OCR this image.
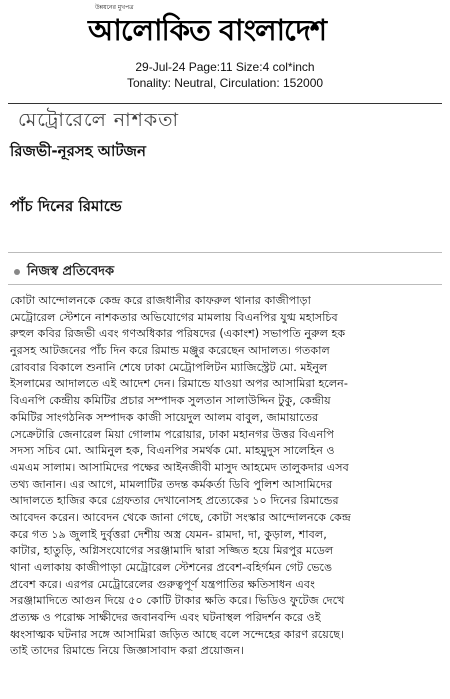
উন্নয়নের মুখপত্র
আলোকিত বাংলাদেশ
29-Jul-24 Page:11 Size:4 col*inch
Tonality: Neutral, Circulation: 152000
মেট্রোরেলে নাশকতা
রিজভী-নূরসহ আটজন
পাঁচ দিনের রিমান্ডে
নিজস্ব প্রতিবেদক
কোটা আন্দোলনকে কেন্দ্র করে রাজধানীর কাফরুল থানার কাজীপাড়া
মেট্রোরেল স্টেশনে নাশকতার অভিযোগের মামলায় বিএনপির যুগ্ম মহাসচিব
রুহুল কবির রিজভী এবং গণঅধিকার পরিষদের (একাংশ) সভাপতি নুরুল হক
নুরসহ আটজনের পাঁচ দিন করে রিমান্ড মঞ্জুর করেছেন আদালত। গতকাল
রোববার বিকালে শুনানি শেষে ঢাকা মেট্রোপলিটন ম্যাজিস্ট্রেট মো. মইনুল
ইসলামের আদালতে এই আদেশ দেন। রিমান্ডে যাওয়া অপর আসামিরা হলেন-
বিএনপি কেন্দ্রীয় কমিটির প্রচার সম্পাদক সুলতান সালাউদ্দিন টুকু, কেন্দ্রীয়
কমিটির সাংগঠনিক সম্পাদক কাজী সায়েদুল আলম বাবুল, জামায়াতের
সেক্রেটারি জেনারেল মিয়া গোলাম পরোয়ার, ঢাকা মহানগর উত্তর বিএনপি
সদস্য সচিব মো. আমিনুল হক, বিএনপির সমর্থক মো. মাহমুদুস সালেহিন ও
এমএম সালাম। আসামিদের পক্ষের আইনজীবী মাসুদ আহমেদ তালুকদার এসব
তথ্য জানান। এর আগে, মামলাটির তদন্ত কর্মকর্তা ডিবি পুলিশ আসামিদের
আদালতে হাজির করে গ্রেফতার দেখানোসহ প্রত্যেকের ১০ দিনের রিমান্ডের
আবেদন করেন। আবেদন থেকে জানা গেছে, কোটা সংস্কার আন্দোলনকে কেন্দ্র
করে গত ১৯ জুলাই দুর্বৃত্তরা দেশীয় অস্ত্র যেমন- রামদা, দা, কুড়াল, শাবল,
কাটার, হাতুড়ি, অগ্নিসংযোগের সরঞ্জামাদি দ্বারা সজ্জিত হয়ে মিরপুর মডেল
থানা এলাকায় কাজীপাড়া মেট্রোরেল স্টেশনের প্রবেশ-বহির্গমন গেট ভেঙে
প্রবেশ করে। এরপর মেট্রোরেলের গুরুত্বপূর্ণ যন্ত্রপাতির ক্ষতিসাধন এবং
সরঞ্জামাদিতে আগুন দিয়ে ৫০ কোটি টাকার ক্ষতি করে। ভিডিও ফুটেজ দেখে
প্রত্যক্ষ ও পরোক্ষ সাক্ষীদের জবানবন্দি এবং ঘটনাস্থল পরিদর্শন করে ওই
ধ্বংসাত্মক ঘটনার সঙ্গে আসামিরা জড়িত আছে বলে সন্দেহের কারণ রয়েছে।
তাই তাদের রিমান্ডে নিয়ে জিজ্ঞাসাবাদ করা প্রয়োজন।
